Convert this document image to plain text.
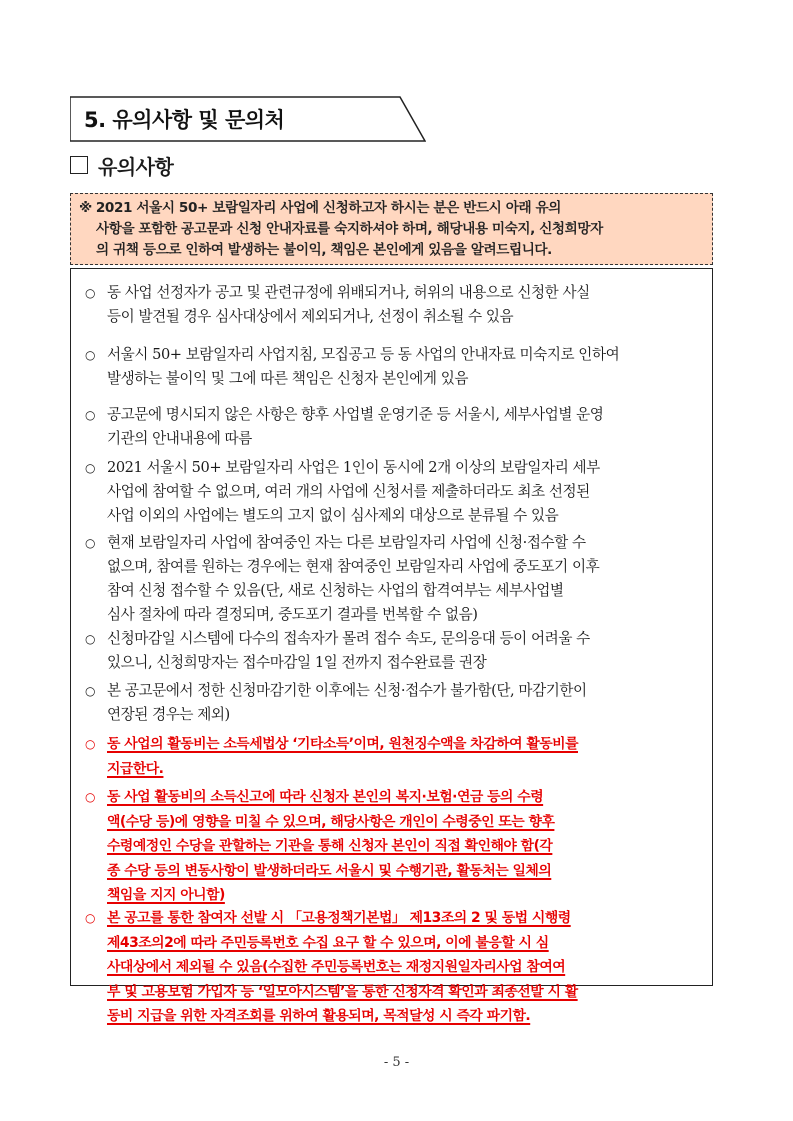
5. 유의사항 및 문의처
유의사항
※ 2021 서울시 50+ 보람일자리 사업에 신청하고자 하시는 분은 반드시 아래 유의
사항을 포함한 공고문과 신청 안내자료를 숙지하셔야 하며, 해당내용 미숙지, 신청희망자
의 귀책 등으로 인하여 발생하는 불이익, 책임은 본인에게 있음을 알려드립니다.
○ 동 사업 선정자가 공고 및 관련규정에 위배되거나, 허위의 내용으로 신청한 사실
등이 발견될 경우 심사대상에서 제외되거나, 선정이 취소될 수 있음
○ 서울시 50+ 보람일자리 사업지침, 모집공고 등 동 사업의 안내자료 미숙지로 인하여
발생하는 불이익 및 그에 따른 책임은 신청자 본인에게 있음
○ 공고문에 명시되지 않은 사항은 향후 사업별 운영기준 등 서울시, 세부사업별 운영
기관의 안내내용에 따름
○ 2021 서울시 50+ 보람일자리 사업은 1인이 동시에 2개 이상의 보람일자리 세부
사업에 참여할 수 없으며, 여러 개의 사업에 신청서를 제출하더라도 최초 선정된
사업 이외의 사업에는 별도의 고지 없이 심사제외 대상으로 분류될 수 있음
○ 현재 보람일자리 사업에 참여중인 자는 다른 보람일자리 사업에 신청·접수할 수
없으며, 참여를 원하는 경우에는 현재 참여중인 보람일자리 사업에 중도포기 이후
참여 신청 접수할 수 있음(단, 새로 신청하는 사업의 합격여부는 세부사업별
심사 절차에 따라 결정되며, 중도포기 결과를 번복할 수 없음)
○ 신청마감일 시스템에 다수의 접속자가 몰려 접수 속도, 문의응대 등이 어려울 수
있으니, 신청희망자는 접수마감일 1일 전까지 접수완료를 권장
○ 본 공고문에서 정한 신청마감기한 이후에는 신청·접수가 불가함(단, 마감기한이
연장된 경우는 제외)
○ 동 사업의 활동비는 소득세법상 ‘기타소득’이며, 원천징수액을 차감하여 활동비를
지급한다.
○ 동 사업 활동비의 소득신고에 따라 신청자 본인의 복지·보험·연금 등의 수령
액(수당 등)에 영향을 미칠 수 있으며, 해당사항은 개인이 수령중인 또는 향후
수령예정인 수당을 관할하는 기관을 통해 신청자 본인이 직접 확인해야 함(각
종 수당 등의 변동사항이 발생하더라도 서울시 및 수행기관, 활동처는 일체의
책임을 지지 아니함)
○ 본 공고를 통한 참여자 선발 시 「고용정책기본법」 제13조의 2 및 동법 시행령
제43조의2에 따라 주민등록번호 수집 요구 할 수 있으며, 이에 불응할 시 심
사대상에서 제외될 수 있음(수집한 주민등록번호는 재정지원일자리사업 참여여
부 및 고용보험 가입자 등 ‘일모아시스템’을 통한 신청자격 확인과 최종선발 시 활
동비 지급을 위한 자격조회를 위하여 활용되며, 목적달성 시 즉각 파기함.
- 5 -
